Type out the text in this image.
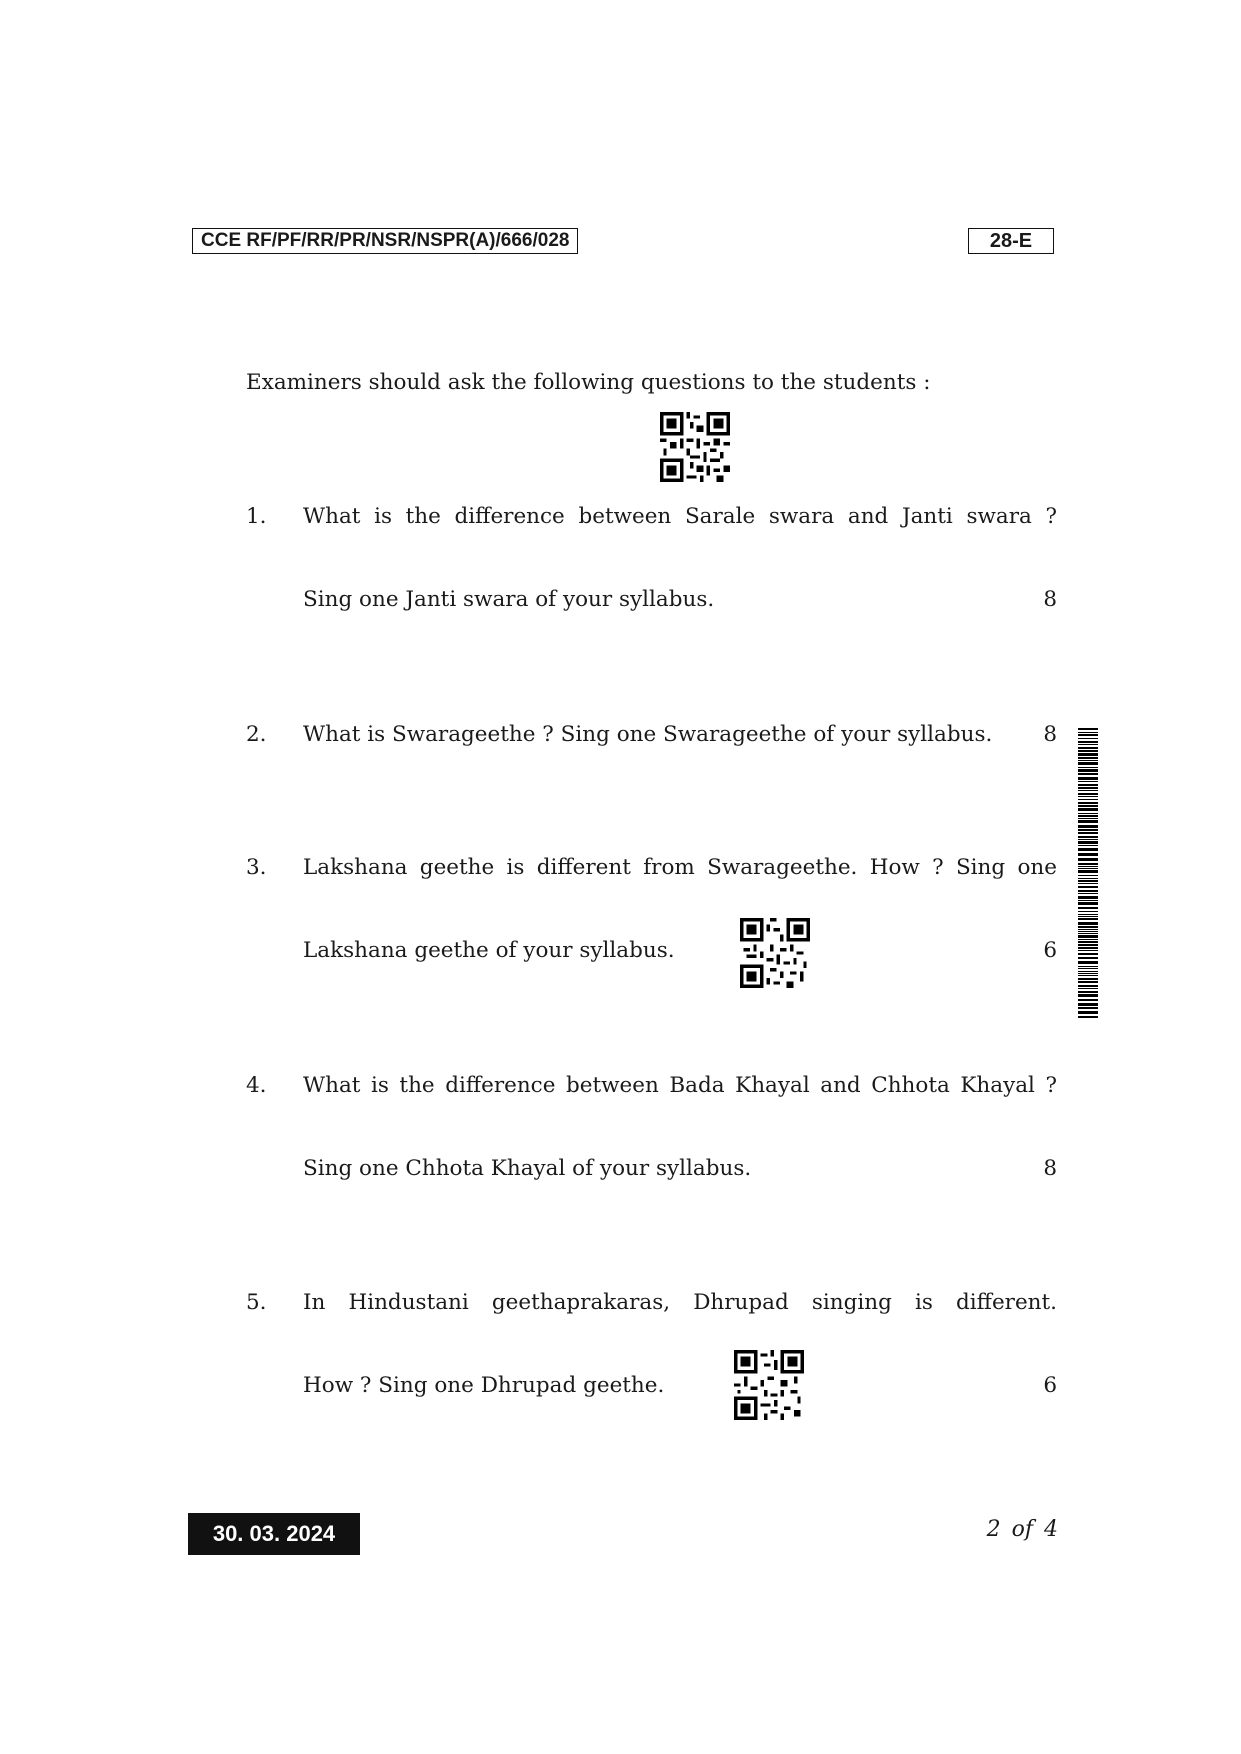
CCE RF/PF/RR/PR/NSR/NSPR(A)/666/028	28-E
Examiners should ask the following questions to the students :
1.	What is the difference between Sarale swara and Janti swara ?
Sing one Janti swara of your syllabus.	8
2.	What is Swarageethe ? Sing one Swarageethe of your syllabus.	8
3.	Lakshana geethe is different from Swarageethe. How ? Sing one
Lakshana geethe of your syllabus.	6
4.	What is the difference between Bada Khayal and Chhota Khayal ?
Sing one Chhota Khayal of your syllabus.	8
5.	In Hindustani geethaprakaras, Dhrupad singing is different.
How ? Sing one Dhrupad geethe.	6
30. 03. 2024	2 of 4
